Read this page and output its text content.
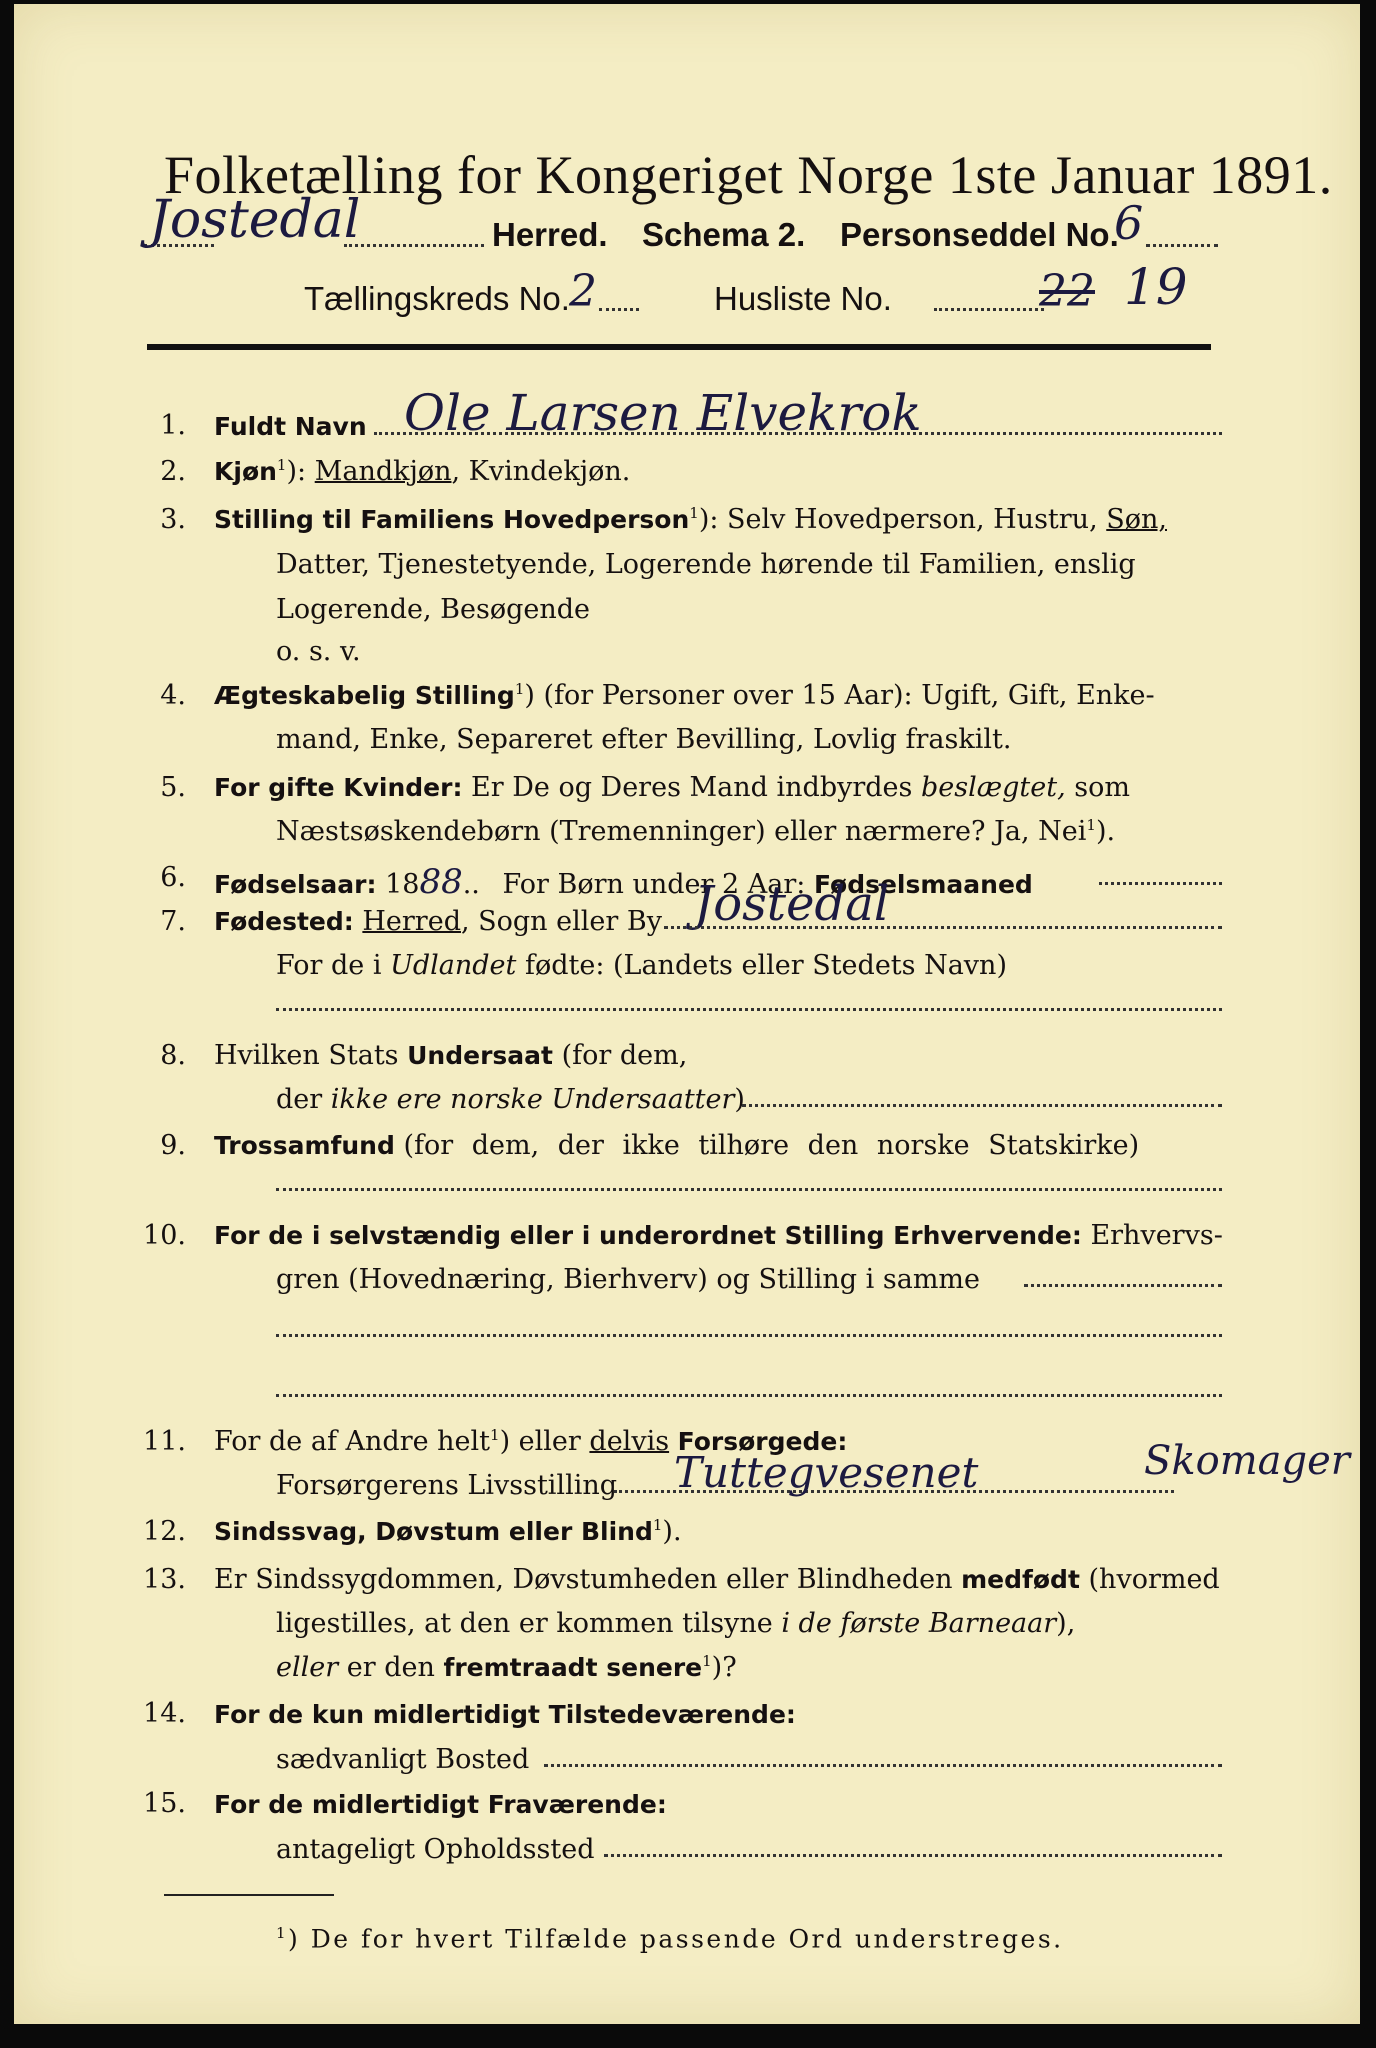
Folketælling for Kongeriget Norge 1ste Januar 1891.
Jostedal	Herred. Schema 2. Personseddel No.
6
Tællingskreds No. 2	Husliste No.	22 19
1. Fuldt Navn Ole Larsen Elvekrok
2. Kjøn$^1$): Mandkjøn, Kvindekjøn.
3. Stilling til Familiens Hovedperson$^1$): Selv Hovedperson, Hustru, Søn,
Datter, Tjenestetyende, Logerende hørende til Familien, enslig
Logerende, Besøgende
o. s. v.
4. Ægteskabelig Stilling$^1$) (for Personer over 15 Aar): Ugift, Gift, Enke-
mand, Enke, Separeret efter Bevilling, Lovlig fraskilt.
5. For gifte Kvinder: Er De og Deres Mand indbyrdes beslægtet, som
Næstsøskendebørn (Tremenninger) eller nærmere? Ja, Nei$^1$).
6. Fødselsaar: 1888.. For Børn under 2 Aar: Fødselsmaaned
7. Fødested: Herred, Sogn eller By Jostedal
For de i Udlandet fødte: (Landets eller Stedets Navn)
8. Hvilken Stats Undersaat (for dem,
der ikke ere norske Undersaatter)
9. Trossamfund (for dem, der ikke tilhøre den norske Statskirke)
10. For de i selvstændig eller i underordnet Stilling Erhvervende: Erhvervs-
gren (Hovednæring, Bierhverv) og Stilling i samme
11. For de af Andre helt$^1$) eller delvis Forsørgede:
Forsørgerens Livsstilling Tuttegvesenet	Skomager
12. Sindssvag, Døvstum eller Blind$^1$).
13. Er Sindssygdommen, Døvstumheden eller Blindheden medfødt (hvormed
ligestilles, at den er kommen tilsyne i de første Barneaar),
eller er den fremtraadt senere$^1$)?
14. For de kun midlertidigt Tilstedeværende:
sædvanligt Bosted
15. For de midlertidigt Fraværende:
antageligt Opholdssted
$^1$) De for hvert Tilfælde passende Ord understreges.
